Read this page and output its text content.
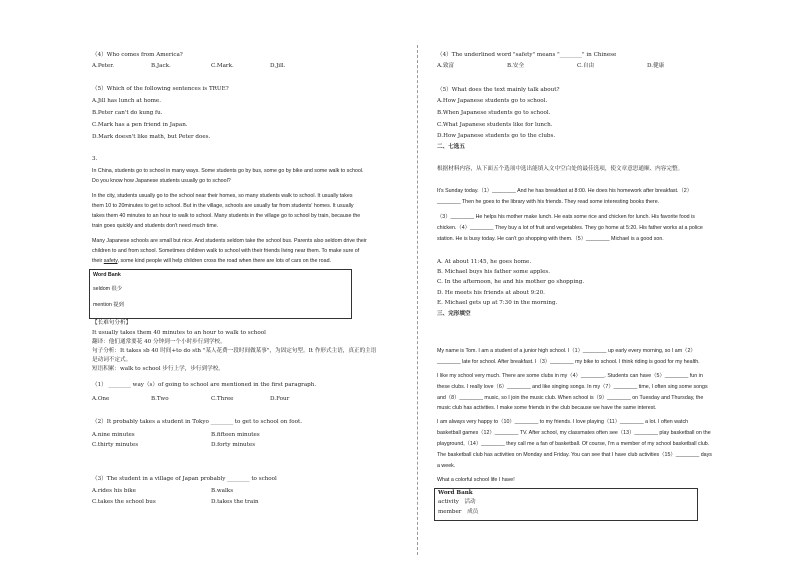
（4）Who comes from America?
A.Peter.	B.Jack.	C.Mark.	D.Jill.
（5）Which of the following sentences is TRUE?
A.Jill has lunch at home.
B.Peter can't do kung fu.
C.Mark has a pen friend in Japan.
D.Mark doesn't like math, but Peter does.
3.
In China, students go to school in many ways. Some students go by bus, some go by bike and some walk to school.
Do you know how Japanese students usually go to school?
In the city, students usually go to the school near their homes, so many students walk to school. It usually takes
them 10 to 20minutes to get to school. But in the village, schools are usually far from students' homes. It usually
takes them 40 minutes to an hour to walk to school. Many students in the village go to school by train, because the
train goes quickly and students don't need much time.
Many Japanese schools are small but nice. And students seldom take the school bus. Parents also seldom drive their
children to and from school. Sometimes children walk to school with their friends living near them. To make sure of
their safety, some kind people will help children cross the road when there are lots of cars on the road.
Word Bank
seldom 很少
mention 提到
【长难句分析】
It usually takes them 40 minutes to an hour to walk to school
翻译：他们通常要花 40 分钟到一个小时步行到学校。
句子分析：It takes sb 40 时间+to do sth "某人花费一段时间做某事"，为固定句型。It 作形式主语，真正的主语
是动词不定式。
短语积累：walk to school 步行上学，步行到学校。
（1） ________ way（s）of going to school are mentioned in the first paragraph.
A.One	B.Two	C.Three	D.Four
（2）It probably takes a student in Tokyo ________ to get to school on foot.
A.nine minutes	B.fifteen minutes
C.thirty minutes	D.forty minutes
（3）The student in a village of Japan probably ________ to school
A.rides his bike	B.walks
C.takes the school bus	D.takes the train
（4）The underlined word "safety" means "________" in Chinese
A.致富	B.安全	C.自由	D.健康
（5）What does the text mainly talk about?
A.How Japanese students go to school.
B.When Japanese students go to school.
C.What Japanese students like for lunch.
D.How Japanese students go to the clubs.
二、七选五
根据材料内容，从下面五个选项中选出能填入文中空白处的最佳选项，使文章意思通顺、内容完整。
It's Sunday today.（1）________ And he has breakfast at 8:00. He does his homework after breakfast.（2）
________ Then he goes to the library with his friends. They read some interesting books there.
（3）________ He helps his mother make lunch. He eats some rice and chicken for lunch. His favorite food is
chicken.（4）________ They buy a lot of fruit and vegetables. They go home at 5:20. His father works at a police
station. He is busy today. He can't go shopping with them.（5）________ Michael is a good son.
A. At about 11:45, he goes home.
B. Michael buys his father some apples.
C. In the afternoon, he and his mother go shopping.
D. He meets his friends at about 9:20.
E. Michael gets up at 7:30 in the morning.
三、完形填空
My name is Tom. I am a student of a junior high school. I（1）________ up early every morning, so I am（2）
________ late for school. After breakfast. I（3）________ my bike to school. I think riding is good for my health.
I like my school very much. There are some clubs in my（4）________. Students can have（5）________ fun in
these clubs. I really love（6）________ and like singing songs. In my（7）________ time, I often sing some songs
and（8）________ music, so I join the music club. When school is（9）________ on Tuesday and Thursday, the
music club has activities. I make some friends in the club because we have the same interest.
I am always very happy to（10）________ to my friends. I love playing（11）________ a lot. I often watch
basketball games（12）________ TV. After school, my classmates often see（13）________ play basketball on the
playground,（14）________ they call me a fan of basketball. Of course, I'm a member of my school basketball club.
The basketball club has activities on Monday and Friday. You can see that I have club activities（15）________ days
a week.
What a colorful school life I have!
Word Bank
activity　活动
member　成员
